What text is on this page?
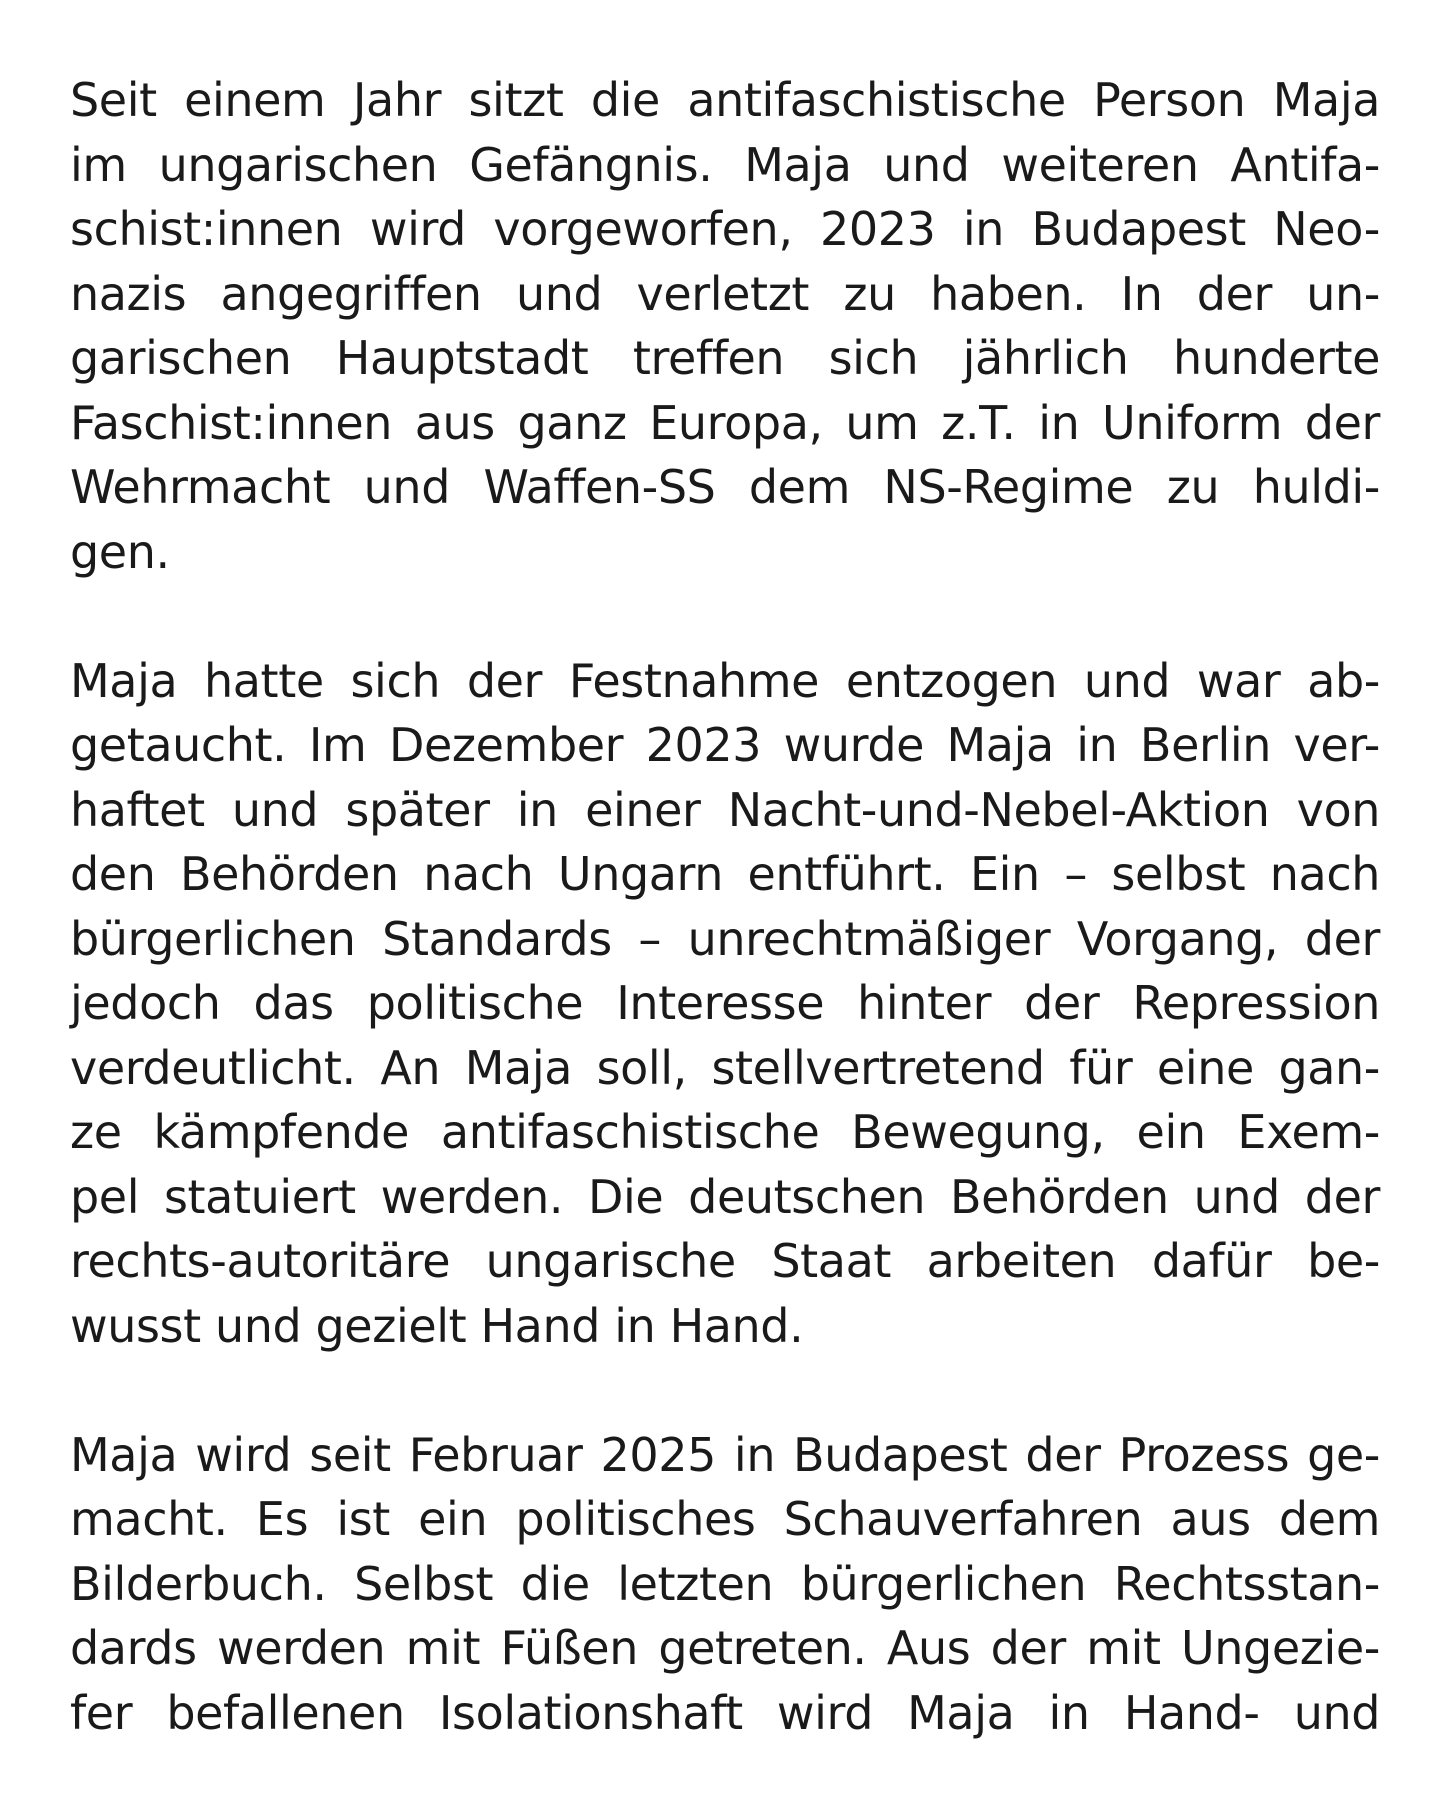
Seit einem Jahr sitzt die antifaschistische Person Maja
im ungarischen Gefängnis. Maja und weiteren Antifa-
schist:innen wird vorgeworfen, 2023 in Budapest Neo-
nazis angegriffen und verletzt zu haben. In der un-
garischen Hauptstadt treffen sich jährlich hunderte
Faschist:innen aus ganz Europa, um z.T. in Uniform der
Wehrmacht und Waffen-SS dem NS-Regime zu huldi-
gen.
Maja hatte sich der Festnahme entzogen und war ab-
getaucht. Im Dezember 2023 wurde Maja in Berlin ver-
haftet und später in einer Nacht-und-Nebel-Aktion von
den Behörden nach Ungarn entführt. Ein – selbst nach
bürgerlichen Standards – unrechtmäßiger Vorgang, der
jedoch das politische Interesse hinter der Repression
verdeutlicht. An Maja soll, stellvertretend für eine gan-
ze kämpfende antifaschistische Bewegung, ein Exem-
pel statuiert werden. Die deutschen Behörden und der
rechts-autoritäre ungarische Staat arbeiten dafür be-
wusst und gezielt Hand in Hand.
Maja wird seit Februar 2025 in Budapest der Prozess ge-
macht. Es ist ein politisches Schauverfahren aus dem
Bilderbuch. Selbst die letzten bürgerlichen Rechtsstan-
dards werden mit Füßen getreten. Aus der mit Ungezie-
fer befallenen Isolationshaft wird Maja in Hand- und
